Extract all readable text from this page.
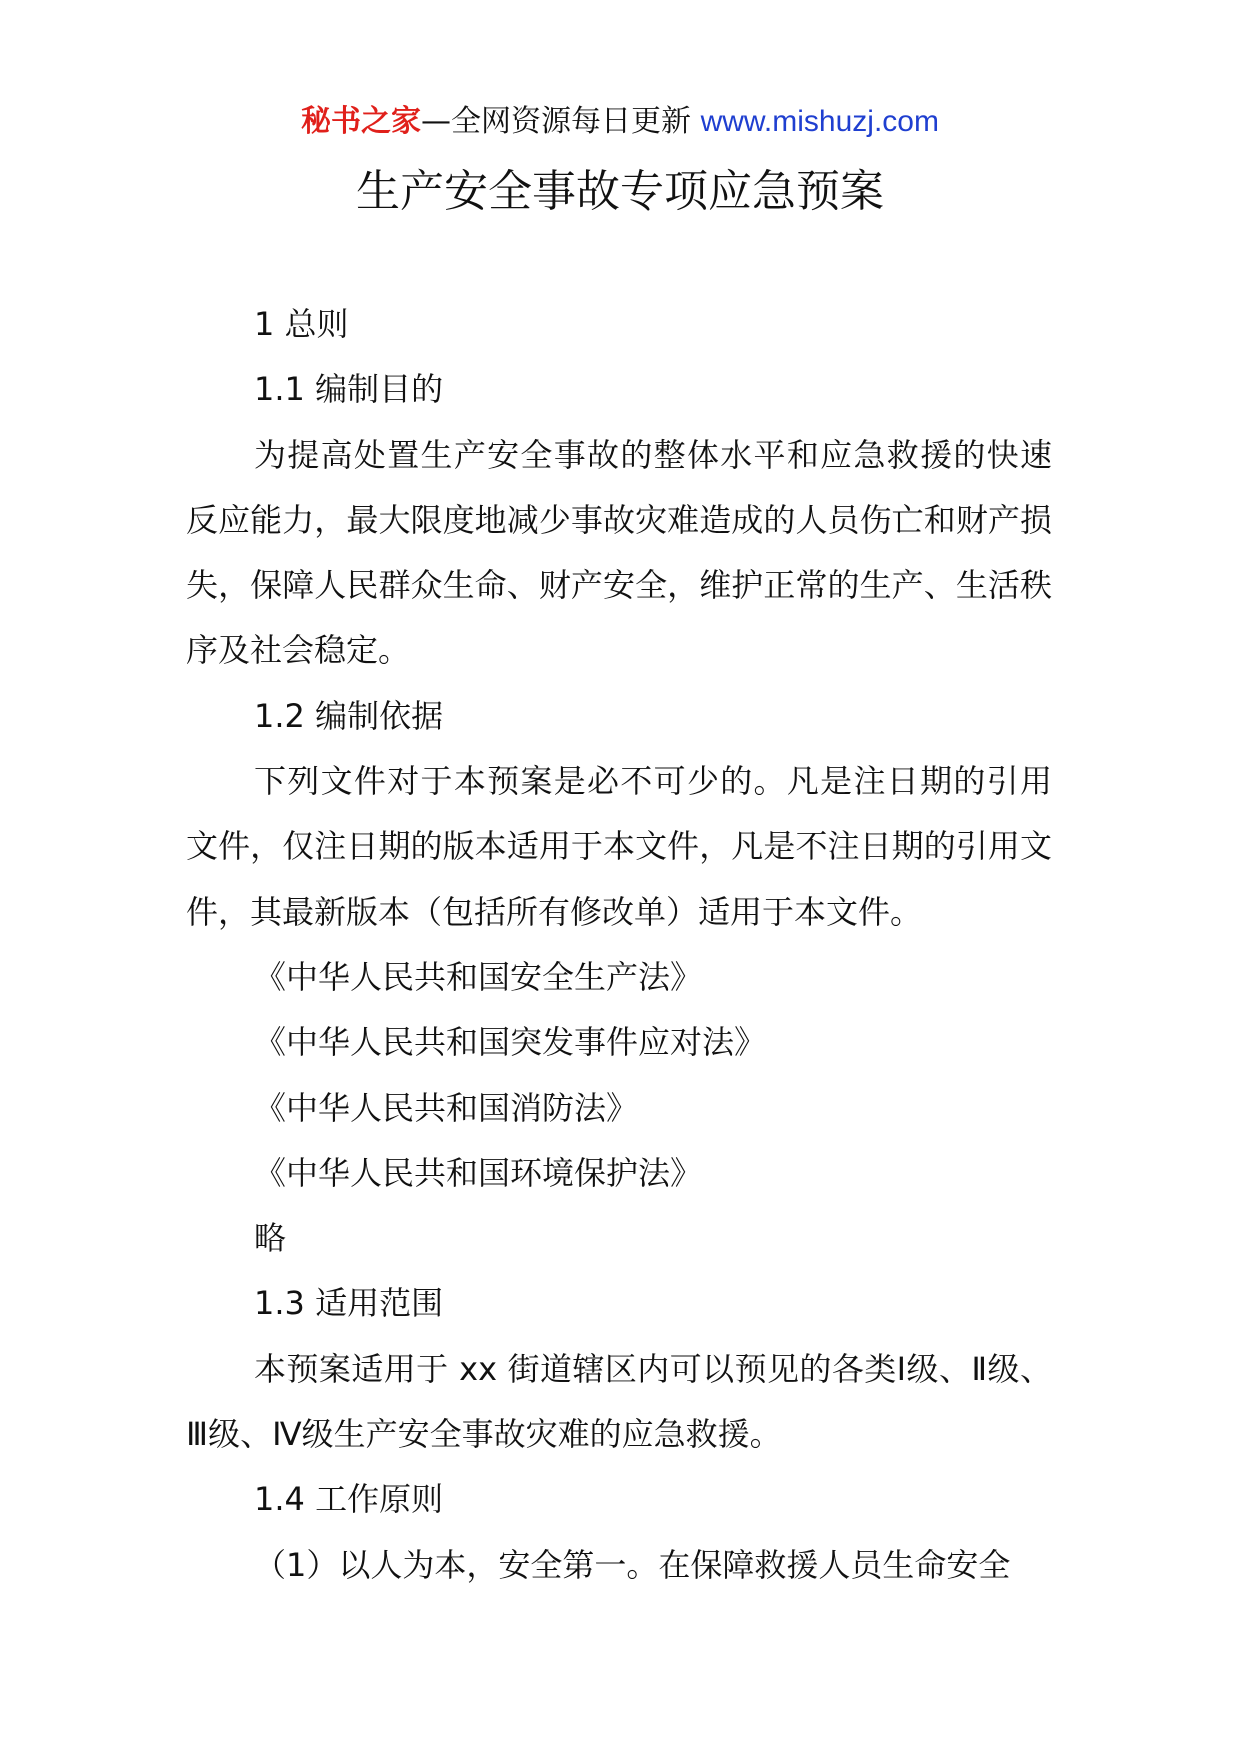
秘书之家—全网资源每日更新 www.mishuzj.com
生产安全事故专项应急预案

1 总则

1.1 编制目的

为提高处置生产安全事故的整体水平和应急救援的快速反应能力，最大限度地减少事故灾难造成的人员伤亡和财产损失，保障人民群众生命、财产安全，维护正常的生产、生活秩序及社会稳定。

1.2 编制依据

下列文件对于本预案是必不可少的。凡是注日期的引用文件，仅注日期的版本适用于本文件，凡是不注日期的引用文件，其最新版本（包括所有修改单）适用于本文件。

《中华人民共和国安全生产法》

《中华人民共和国突发事件应对法》

《中华人民共和国消防法》

《中华人民共和国环境保护法》

略

1.3 适用范围

本预案适用于 xx 街道辖区内可以预见的各类Ⅰ级、Ⅱ级、Ⅲ级、Ⅳ级生产安全事故灾难的应急救援。

1.4 工作原则

（1）以人为本，安全第一。在保障救援人员生命安全
